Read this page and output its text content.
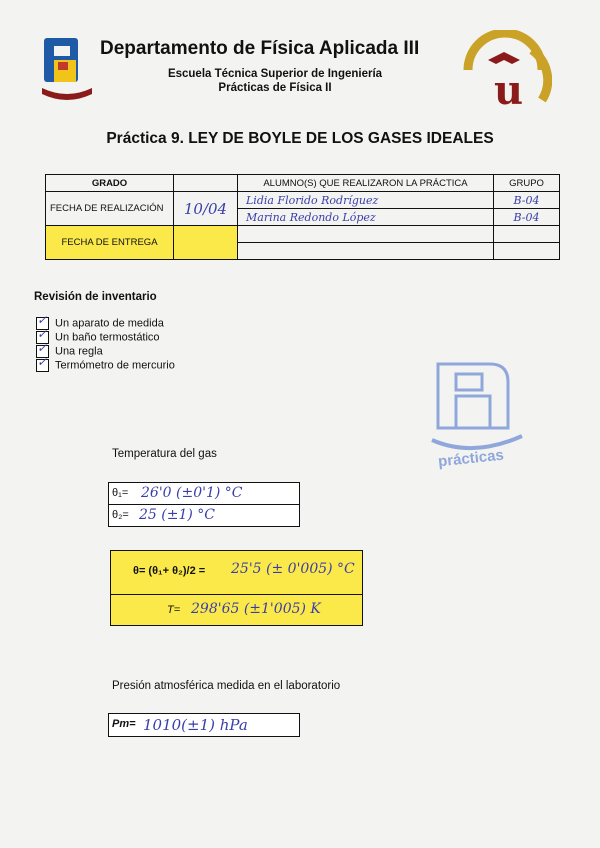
Departamento de Física Aplicada III
Escuela Técnica Superior de Ingeniería
Prácticas de Física II	u
Práctica 9. LEY DE BOYLE DE LOS GASES IDEALES
GRADO		ALUMNO(S) QUE REALIZARON LA PRÁCTICA	GRUPO
FECHA DE REALIZACIÓN	10/04	Lidia Florido Rodríguez	B-04
		Marina Redondo López	B-04
FECHA DE ENTREGA			

Revisión de inventario
✓Un aparato de medida
✓Un baño termostático
✓Una regla
✓Termómetro de mercurio
prácticas
Temperatura del gas
θ₁= 26'0 (±0'1) °C
θ₂= 25 (±1) °C
θ= (θ₁+ θ₂)/2 = 25'5 (± 0'005) °C
T= 298'65 (±1'005) K
Presión atmosférica medida en el laboratorio
Pm= 1010(±1) hPa
